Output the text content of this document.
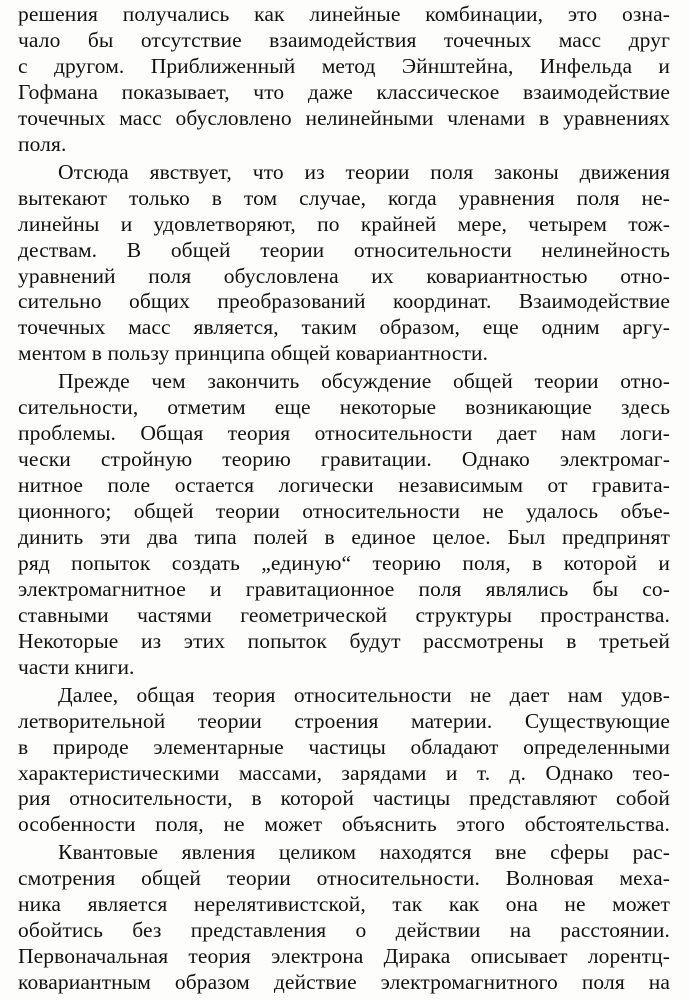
решения получались как линейные комбинации, это озна-
чало бы отсутствие взаимодействия точечных масс друг
с другом. Приближенный метод Эйнштейна, Инфельда и
Гофмана показывает, что даже классическое взаимодействие
точечных масс обусловлено нелинейными членами в уравнениях
поля.
Отсюда явствует, что из теории поля законы движения
вытекают только в том случае, когда уравнения поля не-
линейны и удовлетворяют, по крайней мере, четырем тож-
дествам. В общей теории относительности нелинейность
уравнений поля обусловлена их ковариантностью отно-
сительно общих преобразований координат. Взаимодействие
точечных масс является, таким образом, еще одним аргу-
ментом в пользу принципа общей ковариантности.
Прежде чем закончить обсуждение общей теории отно-
сительности, отметим еще некоторые возникающие здесь
проблемы. Общая теория относительности дает нам логи-
чески стройную теорию гравитации. Однако электромаг-
нитное поле остается логически независимым от гравита-
ционного; общей теории относительности не удалось объе-
динить эти два типа полей в единое целое. Был предпринят
ряд попыток создать „единую“ теорию поля, в которой и
электромагнитное и гравитационное поля являлись бы со-
ставными частями геометрической структуры пространства.
Некоторые из этих попыток будут рассмотрены в третьей
части книги.
Далее, общая теория относительности не дает нам удов-
летворительной теории строения материи. Существующие
в природе элементарные частицы обладают определенными
характеристическими массами, зарядами и т. д. Однако тео-
рия относительности, в которой частицы представляют собой
особенности поля, не может объяснить этого обстоятельства.
Квантовые явления целиком находятся вне сферы рас-
смотрения общей теории относительности. Волновая меха-
ника является нерелятивистской, так как она не может
обойтись без представления о действии на расстоянии.
Первоначальная теория электрона Дирака описывает лорентц-
ковариантным образом действие электромагнитного поля на
